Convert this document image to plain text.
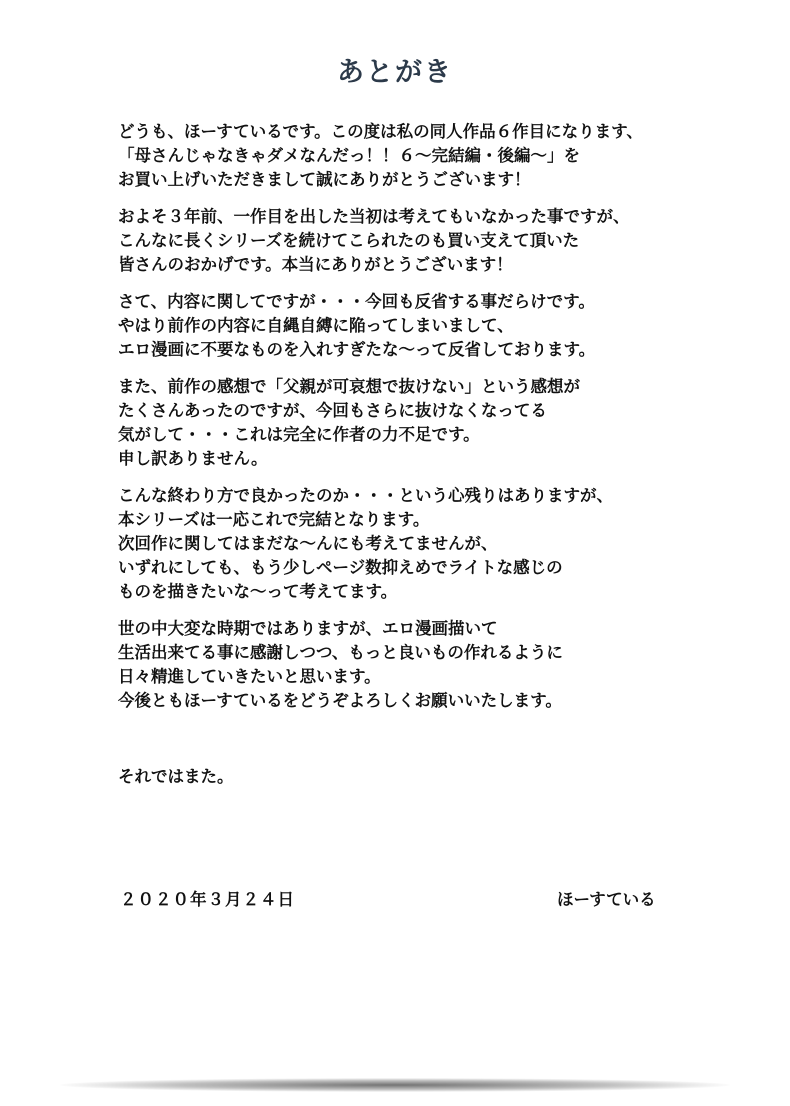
あとがき
どうも、ほーすているです。この度は私の同人作品６作目になります、
「母さんじゃなきゃダメなんだっ！！６～完結編・後編～」を
お買い上げいただきまして誠にありがとうございます！
およそ３年前、一作目を出した当初は考えてもいなかった事ですが、
こんなに長くシリーズを続けてこられたのも買い支えて頂いた
皆さんのおかげです。本当にありがとうございます！
さて、内容に関してですが・・・今回も反省する事だらけです。
やはり前作の内容に自縄自縛に陥ってしまいまして、
エロ漫画に不要なものを入れすぎたな～って反省しております。
また、前作の感想で「父親が可哀想で抜けない」という感想が
たくさんあったのですが、今回もさらに抜けなくなってる
気がして・・・これは完全に作者の力不足です。
申し訳ありません。
こんな終わり方で良かったのか・・・という心残りはありますが、
本シリーズは一応これで完結となります。
次回作に関してはまだな～んにも考えてませんが、
いずれにしても、もう少しページ数抑えめでライトな感じの
ものを描きたいな～って考えてます。
世の中大変な時期ではありますが、エロ漫画描いて
生活出来てる事に感謝しつつ、もっと良いもの作れるように
日々精進していきたいと思います。
今後ともほーすているをどうぞよろしくお願いいたします。

それではまた。

２０２０年３月２４日	ほーすている
